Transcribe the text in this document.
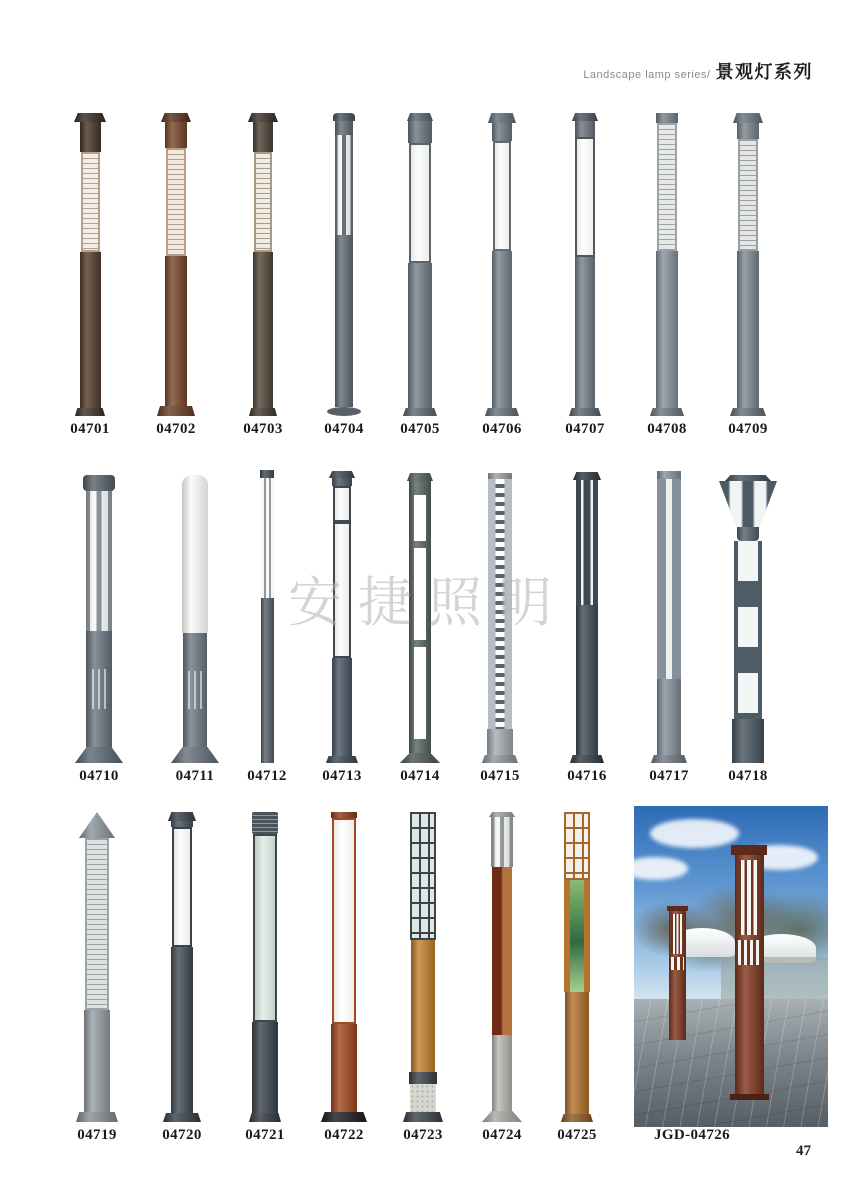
Landscape lamp series/ 景观灯系列
04701	04702	04703	04704	04705	04706	04707	04708	04709
04710	04711	04712	04713	04714	04715	04716	04717	04718
04719	04720	04721	04722	04723	04724	04725	JGD-04726
安捷照明
47
